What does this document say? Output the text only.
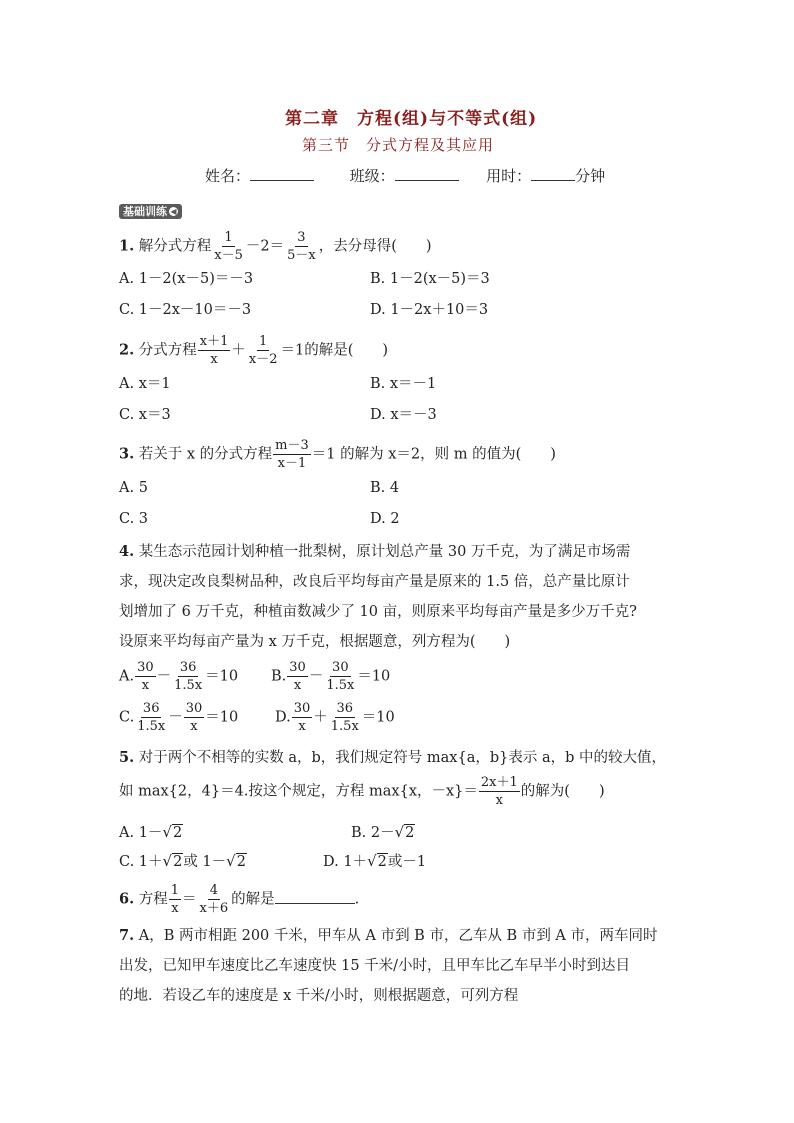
第二章　方程(组)与不等式(组)
第三节　分式方程及其应用
姓名：	班级：	用时：	分钟
基础训练 ◀
1. 解分式方程 $\frac{1}{x-5} -2= \frac{3}{5-x}$ ，去分母得(　　)
A. 1－2(x－5)＝－3	B. 1－2(x－5)＝3
C. 1－2x－10＝－3	D. 1－2x＋10＝3
2. 分式方程 $\frac{x+1}{x} + \frac{1}{x-2} =1$的解是(　　)
A. x＝1	B. x＝－1
C. x＝3	D. x＝－3
3. 若关于 x 的分式方程 $\frac{m-3}{x-1} =1$ 的解为 x＝2，则 m 的值为(　　)
A. 5	B. 4
C. 3	D. 2
4. 某生态示范园计划种植一批梨树，原计划总产量 30 万千克，为了满足市场需
求，现决定改良梨树品种，改良后平均每亩产量是原来的 1.5 倍，总产量比原计
划增加了 6 万千克，种植亩数减少了 10 亩，则原来平均每亩产量是多少万千克?
设原来平均每亩产量为 x 万千克，根据题意，列方程为(　　)
A. $\frac{30}{x} - \frac{36}{1.5x} =10$ B. $\frac{30}{x} - \frac{30}{1.5x} =10$
C. $\frac{36}{1.5x} - \frac{30}{x} =10$	D. $\frac{30}{x} + \frac{36}{1.5x} =10$
5. 对于两个不相等的实数 a，b，我们规定符号 max{a，b}表示 a，b 中的较大值，
如 max{2，4}＝4.按这个规定，方程 max{x，$-x\}= \frac{2x+1}{x}$ 的解为(　　)
A. 1－√2	B. 2－√2
C. 1＋√2或 1－√2	D. 1＋√2或－1
6. 方程 $\frac{1}{x} = \frac{4}{x+6}$ 的解是	.
7. A，B 两市相距 200 千米，甲车从 A 市到 B 市，乙车从 B 市到 A 市，两车同时
出发，已知甲车速度比乙车速度快 15 千米/小时，且甲车比乙车早半小时到达目
的地．若设乙车的速度是 x 千米/小时，则根据题意，可列方程
